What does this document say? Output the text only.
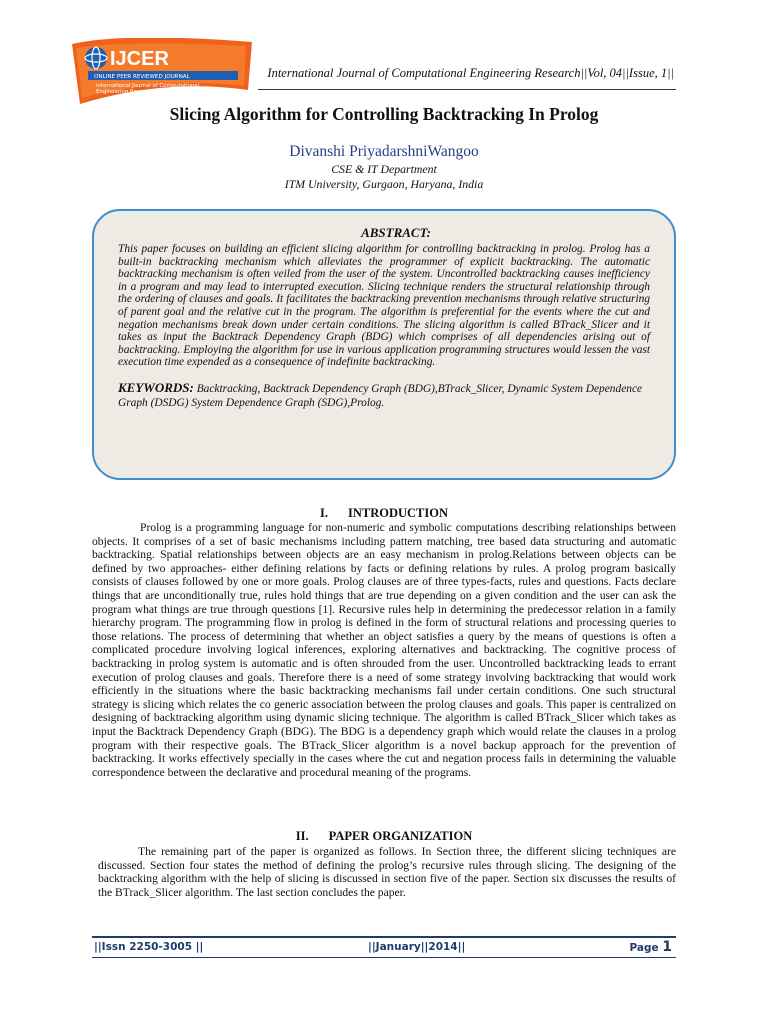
IJCER
ONLINE PEER REVIEWED JOURNAL
International Journal of Computational
Engineering Research
International Journal of Computational Engineering Research||Vol, 04||Issue, 1||
Slicing Algorithm for Controlling Backtracking In Prolog
Divanshi PriyadarshniWangoo
CSE & IT Department
ITM University, Gurgaon, Haryana, India
ABSTRACT:

This paper focuses on building an efficient slicing algorithm for controlling backtracking in prolog. Prolog has a built-in backtracking mechanism which alleviates the programmer of explicit backtracking. The automatic backtracking mechanism is often veiled from the user of the system. Uncontrolled backtracking causes inefficiency in a program and may lead to interrupted execution. Slicing technique renders the structural relationship through the ordering of clauses and goals. It facilitates the backtracking prevention mechanisms through relative structuring of parent goal and the relative cut in the program. The algorithm is preferential for the events where the cut and negation mechanisms break down under certain conditions. The slicing algorithm is called BTrack_Slicer and it takes as input the Backtrack Dependency Graph (BDG) which comprises of all dependencies arising out of backtracking. Employing the algorithm for use in various application programming structures would lessen the vast execution time expended as a consequence of indefinite backtracking.

KEYWORDS: Backtracking, Backtrack Dependency Graph (BDG),BTrack_Slicer, Dynamic System Dependence Graph (DSDG) System Dependence Graph (SDG),Prolog.
I. INTRODUCTION

Prolog is a programming language for non-numeric and symbolic computations describing relationships between objects. It comprises of a set of basic mechanisms including pattern matching, tree based data structuring and automatic backtracking. Spatial relationships between objects are an easy mechanism in prolog.Relations between objects can be defined by two approaches- either defining relations by facts or defining relations by rules. A prolog program basically consists of clauses followed by one or more goals. Prolog clauses are of three types-facts, rules and questions. Facts declare things that are unconditionally true, rules hold things that are true depending on a given condition and the user can ask the program what things are true through questions [1]. Recursive rules help in determining the predecessor relation in a family hierarchy program. The programming flow in prolog is defined in the form of structural relations and processing queries to those relations. The process of determining that whether an object satisfies a query by the means of questions is often a complicated procedure involving logical inferences, exploring alternatives and backtracking. The cognitive process of backtracking in prolog system is automatic and is often shrouded from the user. Uncontrolled backtracking leads to errant execution of prolog clauses and goals. Therefore there is a need of some strategy involving backtracking that would work efficiently in the situations where the basic backtracking mechanisms fail under certain conditions. One such structural strategy is slicing which relates the co generic association between the prolog clauses and goals. This paper is centralized on designing of backtracking algorithm using dynamic slicing technique. The algorithm is called BTrack_Slicer which takes as input the Backtrack Dependency Graph (BDG). The BDG is a dependency graph which would relate the clauses in a prolog program with their respective goals. The BTrack_Slicer algorithm is a novel backup approach for the prevention of backtracking. It works effectively specially in the cases where the cut and negation process fails in determining the valuable correspondence between the declarative and procedural meaning of the programs.

II. PAPER ORGANIZATION

The remaining part of the paper is organized as follows. In Section three, the different slicing techniques are discussed. Section four states the method of defining the prolog’s recursive rules through slicing. The designing of the backtracking algorithm with the help of slicing is discussed in section five of the paper. Section six discusses the results of the BTrack_Slicer algorithm. The last section concludes the paper.

||Issn 2250-3005 ||	||January||2014||	Page 1
